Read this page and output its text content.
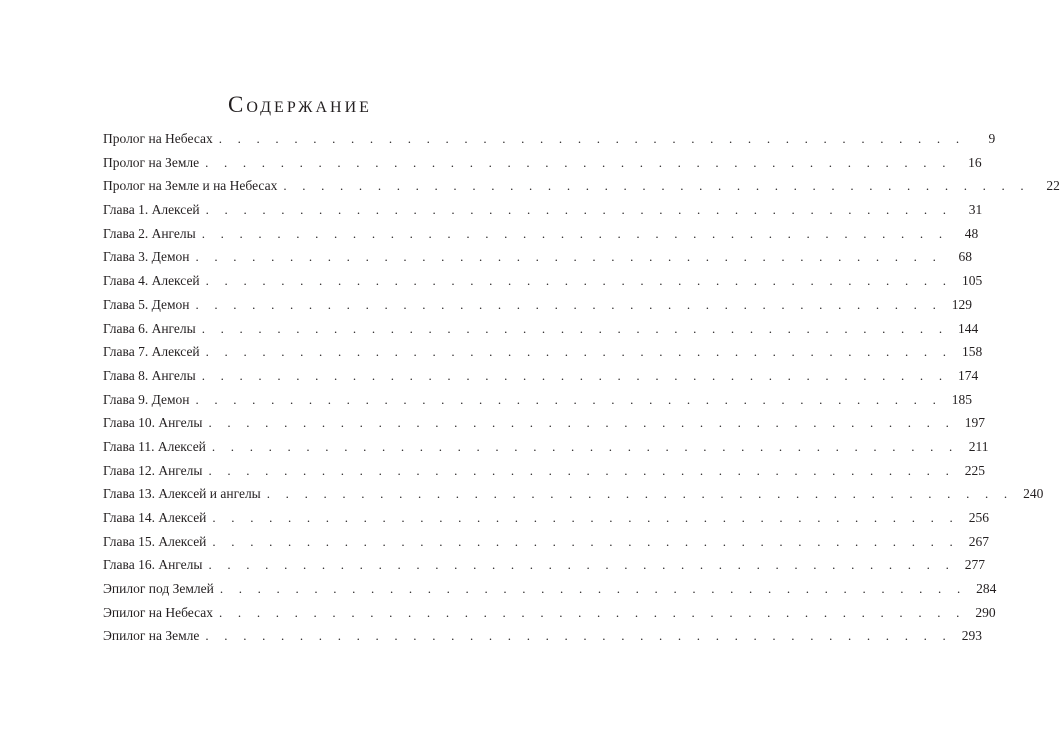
Содержание
Пролог на Небесах . . . . . . . . . . . . . . . . . . . . . . . . . . . . . . . . . . . . . . . .	9
Пролог на Земле . . . . . . . . . . . . . . . . . . . . . . . . . . . . . . . . . . . . . . . .	16
Пролог на Земле и на Небесах . . . . . . . . . . . . . . . . . . . . . . . . . . . . . . . . . . . . . . . .	22
Глава 1. Алексей . . . . . . . . . . . . . . . . . . . . . . . . . . . . . . . . . . . . . . . .	31
Глава 2. Ангелы . . . . . . . . . . . . . . . . . . . . . . . . . . . . . . . . . . . . . . . .	48
Глава 3. Демон . . . . . . . . . . . . . . . . . . . . . . . . . . . . . . . . . . . . . . . .	68
Глава 4. Алексей . . . . . . . . . . . . . . . . . . . . . . . . . . . . . . . . . . . . . . . . 105
Глава 5. Демон . . . . . . . . . . . . . . . . . . . . . . . . . . . . . . . . . . . . . . . . 129
Глава 6. Ангелы . . . . . . . . . . . . . . . . . . . . . . . . . . . . . . . . . . . . . . . . 144
Глава 7. Алексей . . . . . . . . . . . . . . . . . . . . . . . . . . . . . . . . . . . . . . . . 158
Глава 8. Ангелы . . . . . . . . . . . . . . . . . . . . . . . . . . . . . . . . . . . . . . . . 174
Глава 9. Демон . . . . . . . . . . . . . . . . . . . . . . . . . . . . . . . . . . . . . . . . 185
Глава 10. Ангелы . . . . . . . . . . . . . . . . . . . . . . . . . . . . . . . . . . . . . . . . 197
Глава 11. Алексей . . . . . . . . . . . . . . . . . . . . . . . . . . . . . . . . . . . . . . . . 211
Глава 12. Ангелы . . . . . . . . . . . . . . . . . . . . . . . . . . . . . . . . . . . . . . . . 225
Глава 13. Алексей и ангелы . . . . . . . . . . . . . . . . . . . . . . . . . . . . . . . . . . . . . . . . 240
Глава 14. Алексей . . . . . . . . . . . . . . . . . . . . . . . . . . . . . . . . . . . . . . . . 256
Глава 15. Алексей . . . . . . . . . . . . . . . . . . . . . . . . . . . . . . . . . . . . . . . . 267
Глава 16. Ангелы . . . . . . . . . . . . . . . . . . . . . . . . . . . . . . . . . . . . . . . . 277
Эпилог под Землей . . . . . . . . . . . . . . . . . . . . . . . . . . . . . . . . . . . . . . . . 284
Эпилог на Небесах . . . . . . . . . . . . . . . . . . . . . . . . . . . . . . . . . . . . . . . . 290
Эпилог на Земле . . . . . . . . . . . . . . . . . . . . . . . . . . . . . . . . . . . . . . . . 293
